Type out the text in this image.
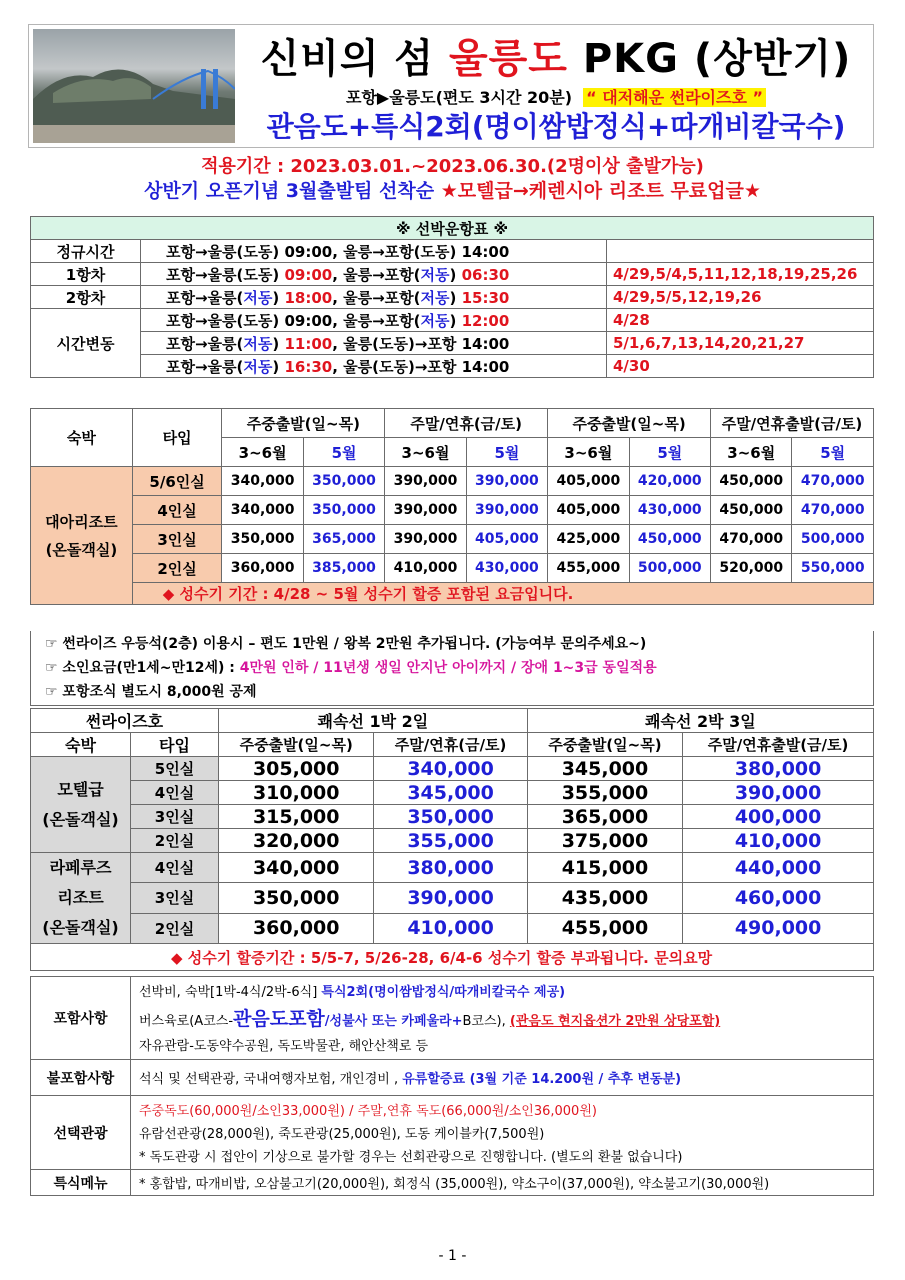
신비의 섬 울릉도 PKG (상반기)
포항▶울릉도(편도 3시간 20분) “ 대저해운 썬라이즈호 ”
관음도+특식2회(명이쌈밥정식+따개비칼국수)
적용기간 : 2023.03.01.~2023.06.30.(2명이상 출발가능)
상반기 오픈기념 3월출발팀 선착순 ★모텔급→케렌시아 리조트 무료업글★
※ 선박운항표 ※		
정규시간	포항→울릉(도동) 09:00, 울릉→포항(도동) 14:00	
1항차	포항→울릉(도동) 09:00, 울릉→포항(저동) 06:30	4/29,5/4,5,11,12,18,19,25,26
2항차	포항→울릉(저동) 18:00, 울릉→포항(저동) 15:30	4/29,5/5,12,19,26
시간변동	포항→울릉(도동) 09:00, 울릉→포항(저동) 12:00	4/28
	포항→울릉(저동) 11:00, 울릉(도동)→포항 14:00	5/1,6,7,13,14,20,21,27
	포항→울릉(저동) 16:30, 울릉(도동)→포항 14:00	4/30
숙박	타입	주중출발(일~목)		주말/연휴(금/토)		주중출발(일~목)		주말/연휴출발(금/토)	
		3~6월	5월	3~6월	5월	3~6월	5월	3~6월	5월
대아리조트
(온돌객실)	5/6인실	340,000	350,000	390,000	390,000	405,000	420,000	450,000	470,000
	4인실	340,000	350,000	390,000	390,000	405,000	430,000	450,000	470,000
	3인실	350,000	365,000	390,000	405,000	425,000	450,000	470,000	500,000
	2인실	360,000	385,000	410,000	430,000	455,000	500,000	520,000	550,000
	◆ 성수기 기간 : 4/28 ~ 5월 성수기 할증 포함된 요금입니다.								
☞ 썬라이즈 우등석(2층) 이용시 – 편도 1만원 / 왕복 2만원 추가됩니다. (가능여부 문의주세요~)
☞ 소인요금(만1세~만12세) : 4만원 인하 / 11년생 생일 안지난 아이까지 / 장애 1~3급 동일적용
☞ 포항조식 별도시 8,000원 공제
썬라이즈호		쾌속선 1박 2일		쾌속선 2박 3일	
숙박	타입	주중출발(일~목)	주말/연휴(금/토)	주중출발(일~목)	주말/연휴출발(금/토)
모텔급
(온돌객실)	5인실	305,000	340,000	345,000	380,000
	4인실	310,000	345,000	355,000	390,000
	3인실	315,000	350,000	365,000	400,000
	2인실	320,000	355,000	375,000	410,000
라페루즈
리조트
(온돌객실)	4인실	340,000	380,000	415,000	440,000
	3인실	350,000	390,000	435,000	460,000
	2인실	360,000	410,000	455,000	490,000
◆ 성수기 할증기간 : 5/5-7, 5/26-28, 6/4-6 성수기 할증 부과됩니다. 문의요망					
포함사항	선박비, 숙박[1박-4식/2박-6식] 특식2회(명이쌈밥정식/따개비칼국수 제공)
	버스육로(A코스-관음도포함/성불사 또는 카페울라+B코스), (관음도 현지옵션가 2만원 상당포함)
	자유관람-도동약수공원, 독도박물관, 해안산책로 등
불포함사항	석식 및 선택관광, 국내여행자보험, 개인경비 , 유류할증료 (3월 기준 14.200원 / 추후 변동분)
선택관광	주중독도(60,000원/소인33,000원) / 주말,연휴 독도(66,000원/소인36,000원)
	유람선관광(28,000원), 죽도관광(25,000원), 도동 케이블카(7,500원)
	* 독도관광 시 접안이 기상으로 불가할 경우는 선회관광으로 진행합니다. (별도의 환불 없습니다)
특식메뉴	* 홍합밥, 따개비밥, 오삼불고기(20,000원), 회정식 (35,000원), 약소구이(37,000원), 약소불고기(30,000원)
- 1 -
